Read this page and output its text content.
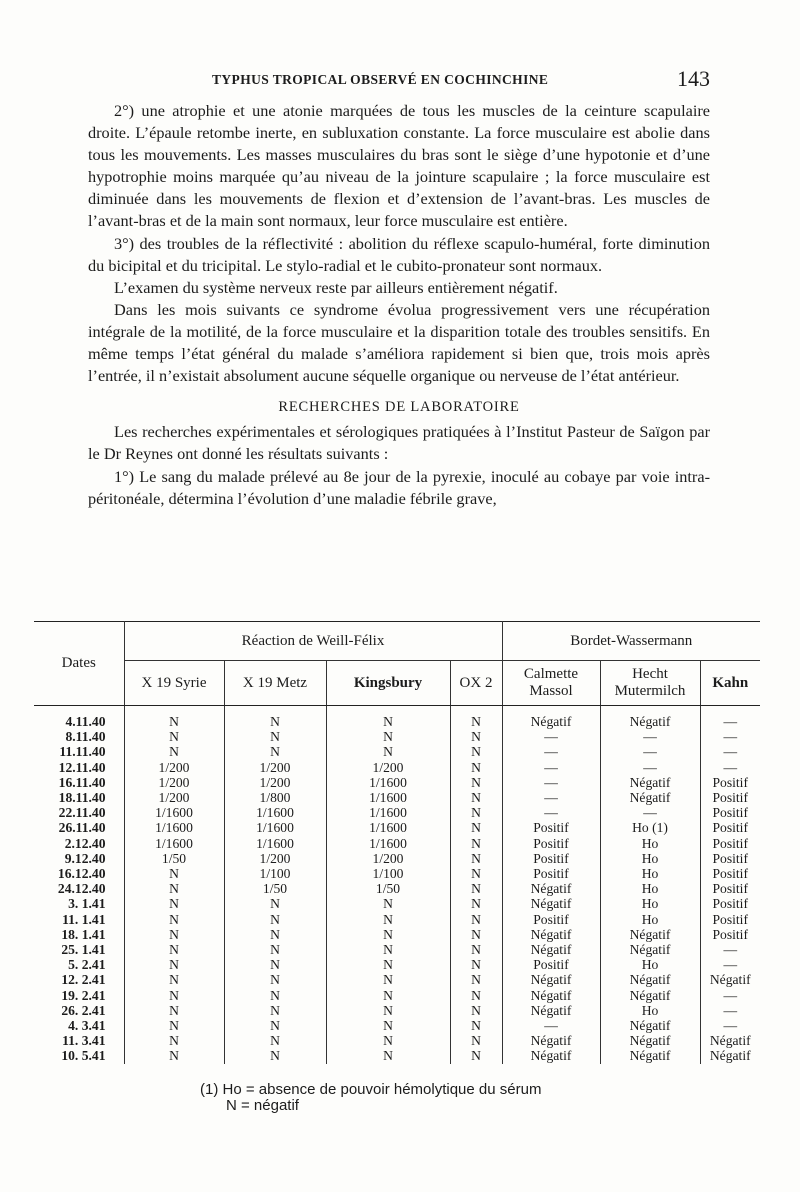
TYPHUS TROPICAL OBSERVÉ EN COCHINCHINE	143

2°) une atrophie et une atonie marquées de tous les muscles de la ceinture scapulaire droite. L’épaule retombe inerte, en subluxation constante. La force musculaire est abolie dans tous les mouvements. Les masses musculaires du bras sont le siège d’une hypotonie et d’une hypotrophie moins marquée qu’au niveau de la jointure scapulaire ; la force musculaire est diminuée dans les mouvements de flexion et d’extension de l’avant-bras. Les muscles de l’avant-bras et de la main sont normaux, leur force musculaire est entière.

3°) des troubles de la réflectivité : abolition du réflexe scapulo-huméral, forte diminution du bicipital et du tricipital. Le stylo-radial et le cubito-pronateur sont normaux.

L’examen du système nerveux reste par ailleurs entièrement négatif.

Dans les mois suivants ce syndrome évolua progressivement vers une récupération intégrale de la motilité, de la force musculaire et la disparition totale des troubles sensitifs. En même temps l’état général du malade s’améliora rapidement si bien que, trois mois après l’entrée, il n’existait absolument aucune séquelle organique ou nerveuse de l’état antérieur.

RECHERCHES DE LABORATOIRE

Les recherches expérimentales et sérologiques pratiquées à l’Institut Pasteur de Saïgon par le Dr Reynes ont donné les résultats suivants :

1°) Le sang du malade prélevé au 8e jour de la pyrexie, inoculé au cobaye par voie intra-péritonéale, détermina l’évolution d’une maladie fébrile grave,

Dates	Réaction de Weill-Félix				Bordet-Wassermann		
	X 19 Syrie	X 19 Metz	Kingsbury	OX 2	Calmette Massol	Hecht Mutermilch	Kahn
4.11.40	N	N	N	N	Négatif	Négatif	—
8.11.40	N	N	N	N	—	—	—
11.11.40	N	N	N	N	—	—	—
12.11.40	1/200	1/200	1/200	N	—	—	—
16.11.40	1/200	1/200	1/1600	N	—	Négatif	Positif
18.11.40	1/200	1/800	1/1600	N	—	Négatif	Positif
22.11.40	1/1600	1/1600	1/1600	N	—	—	Positif
26.11.40	1/1600	1/1600	1/1600	N	Positif	Ho (1)	Positif
2.12.40	1/1600	1/1600	1/1600	N	Positif	Ho	Positif
9.12.40	1/50	1/200	1/200	N	Positif	Ho	Positif
16.12.40	N	1/100	1/100	N	Positif	Ho	Positif
24.12.40	N	1/50	1/50	N	Négatif	Ho	Positif
3. 1.41	N	N	N	N	Négatif	Ho	Positif
11. 1.41	N	N	N	N	Positif	Ho	Positif
18. 1.41	N	N	N	N	Négatif	Négatif	Positif
25. 1.41	N	N	N	N	Négatif	Négatif	—
5. 2.41	N	N	N	N	Positif	Ho	—
12. 2.41	N	N	N	N	Négatif	Négatif	Négatif
19. 2.41	N	N	N	N	Négatif	Négatif	—
26. 2.41	N	N	N	N	Négatif	Ho	—
4. 3.41	N	N	N	N	—	Négatif	—
11. 3.41	N	N	N	N	Négatif	Négatif	Négatif
10. 5.41	N	N	N	N	Négatif	Négatif	Négatif
(1) Ho = absence de pouvoir hémolytique du sérum
N = négatif
